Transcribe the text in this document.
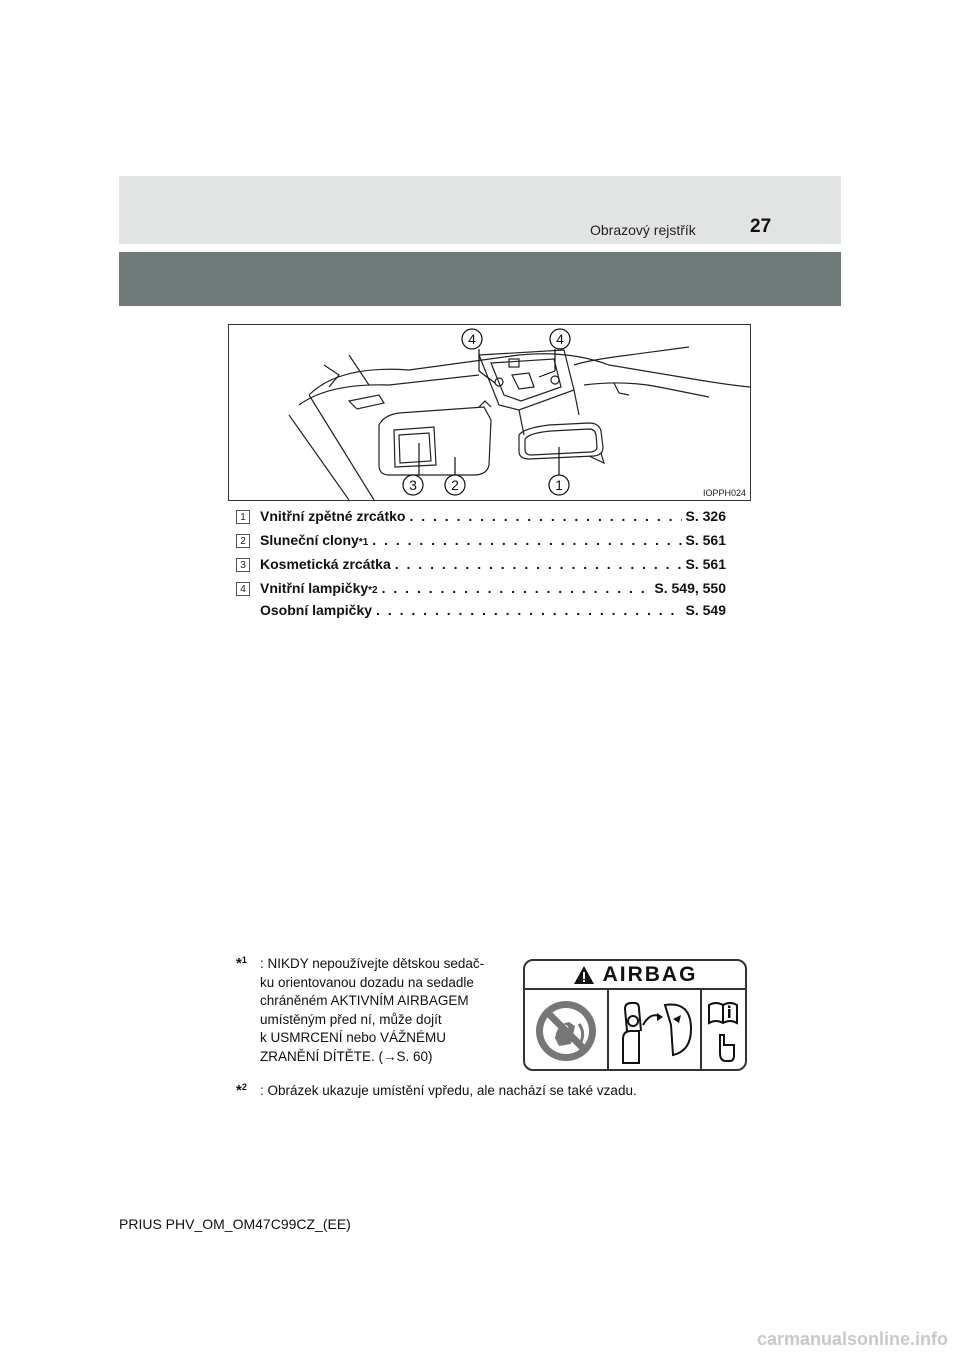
Obrazový rejstřík	27
4	4
3 2	1	IOPPH024
1	Vnitřní zpětné zrcátko . . .	S. 326
2	Sluneční clony *1 . . .	S. 561
3	Kosmetická zrcátka . . .	S. 561
4	Vnitřní lampičky *2 . . .	S. 549, 550
Osobní lampičky . . .	S. 549
*$^1$ : NIKDY nepoužívejte dětskou sedač-
ku orientovanou dozadu na sedadle
chráněném AKTIVNÍM AIRBAGEM
umístěným před ní, může dojít
k USMRCENÍ nebo VÁŽNÉMU
ZRANĚNÍ DÍTĚTE. (→S. 60)
AIRBAG
*$^2$ : Obrázek ukazuje umístění vpředu, ale nachází se také vzadu.
PRIUS PHV_OM_OM47C99CZ_(EE)
carmanualsonline.info
